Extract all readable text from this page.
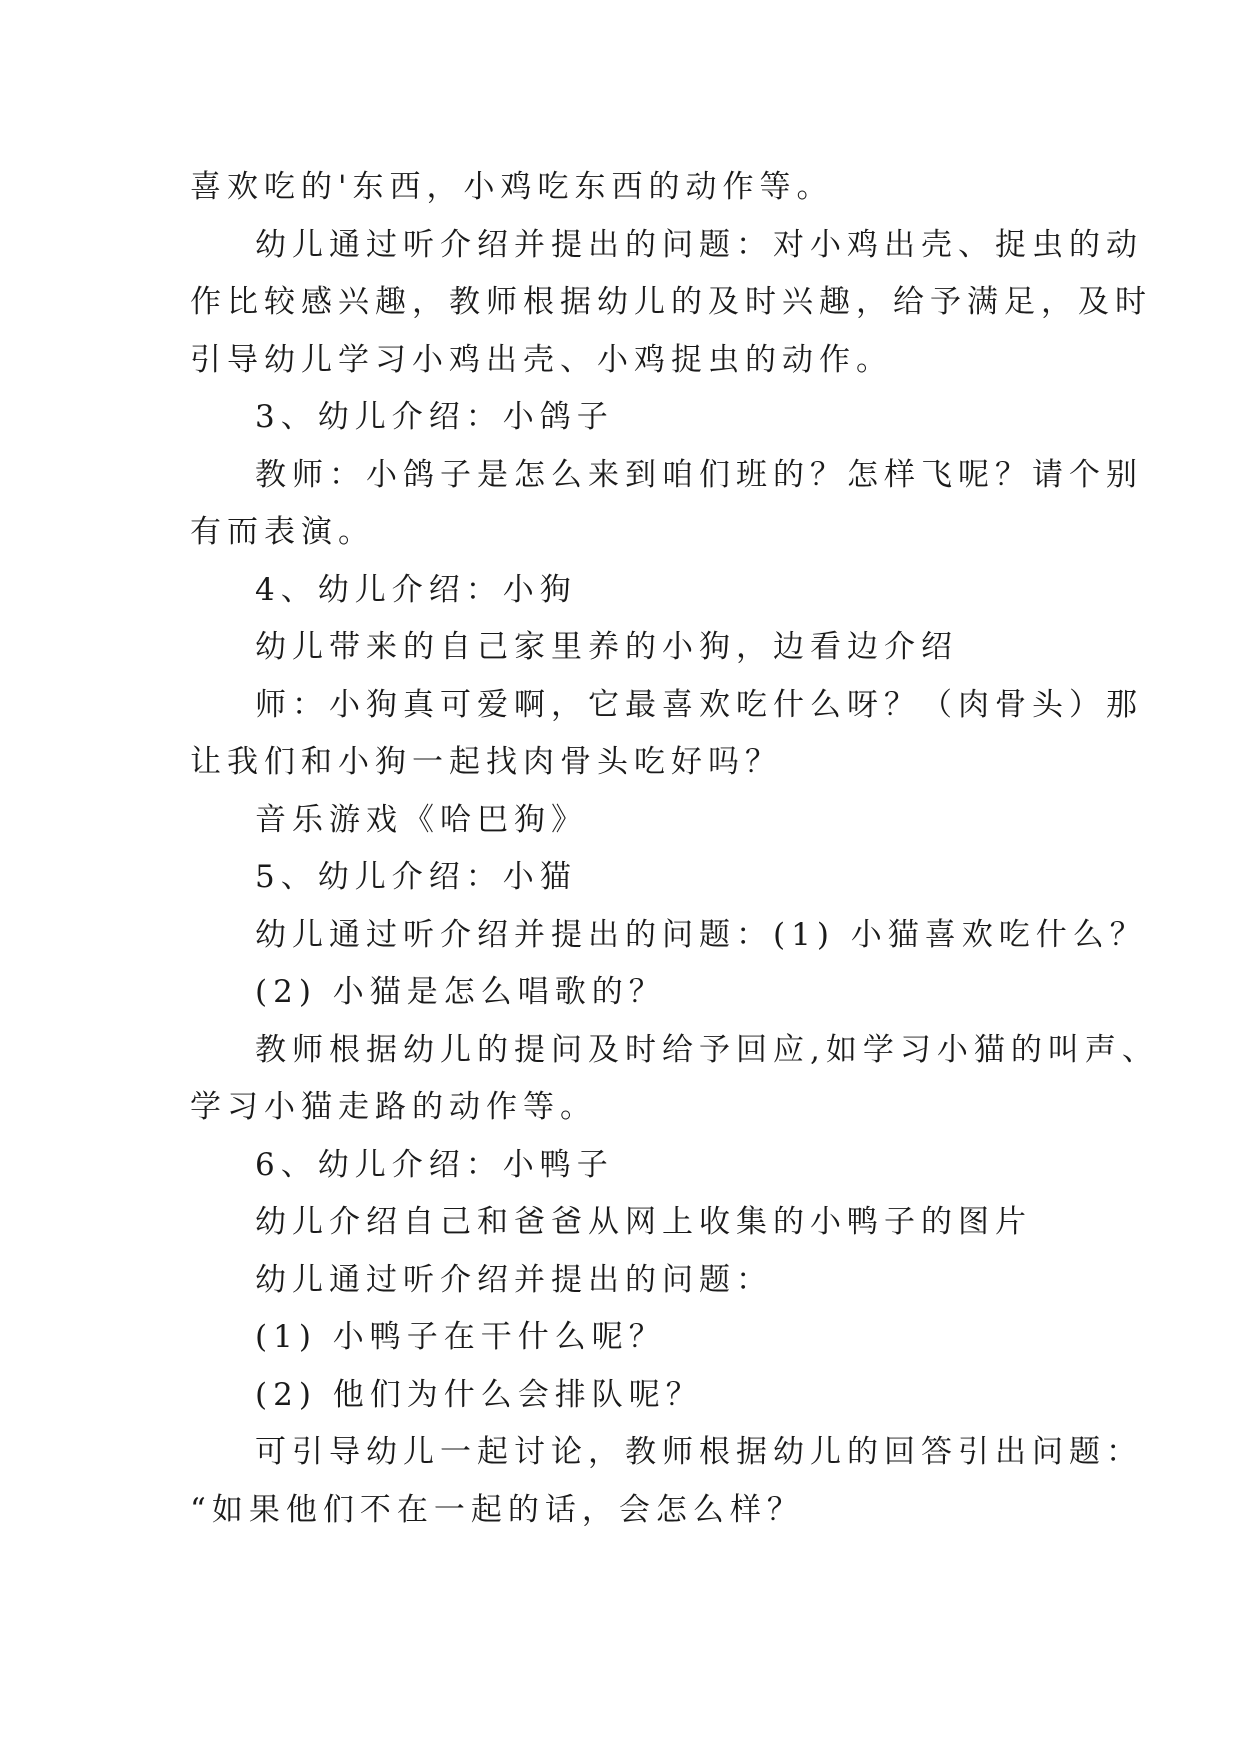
喜欢吃的'东西，小鸡吃东西的动作等。

幼儿通过听介绍并提出的问题：对小鸡出壳、捉虫的动

作比较感兴趣，教师根据幼儿的及时兴趣，给予满足，及时

引导幼儿学习小鸡出壳、小鸡捉虫的动作。

3、幼儿介绍：小鸽子

教师：小鸽子是怎么来到咱们班的？怎样飞呢？请个别

有而表演。

4、幼儿介绍：小狗

幼儿带来的自己家里养的小狗，边看边介绍

师：小狗真可爱啊，它最喜欢吃什么呀？（肉骨头）那

让我们和小狗一起找肉骨头吃好吗？

音乐游戏《哈巴狗》

5、幼儿介绍：小猫

幼儿通过听介绍并提出的问题：(1) 小猫喜欢吃什么？

(2) 小猫是怎么唱歌的？

教师根据幼儿的提问及时给予回应,如学习小猫的叫声、

学习小猫走路的动作等。

6、幼儿介绍：小鸭子

幼儿介绍自己和爸爸从网上收集的小鸭子的图片

幼儿通过听介绍并提出的问题：

(1) 小鸭子在干什么呢？

(2) 他们为什么会排队呢？

可引导幼儿一起讨论，教师根据幼儿的回答引出问题：

“如果他们不在一起的话，会怎么样？
